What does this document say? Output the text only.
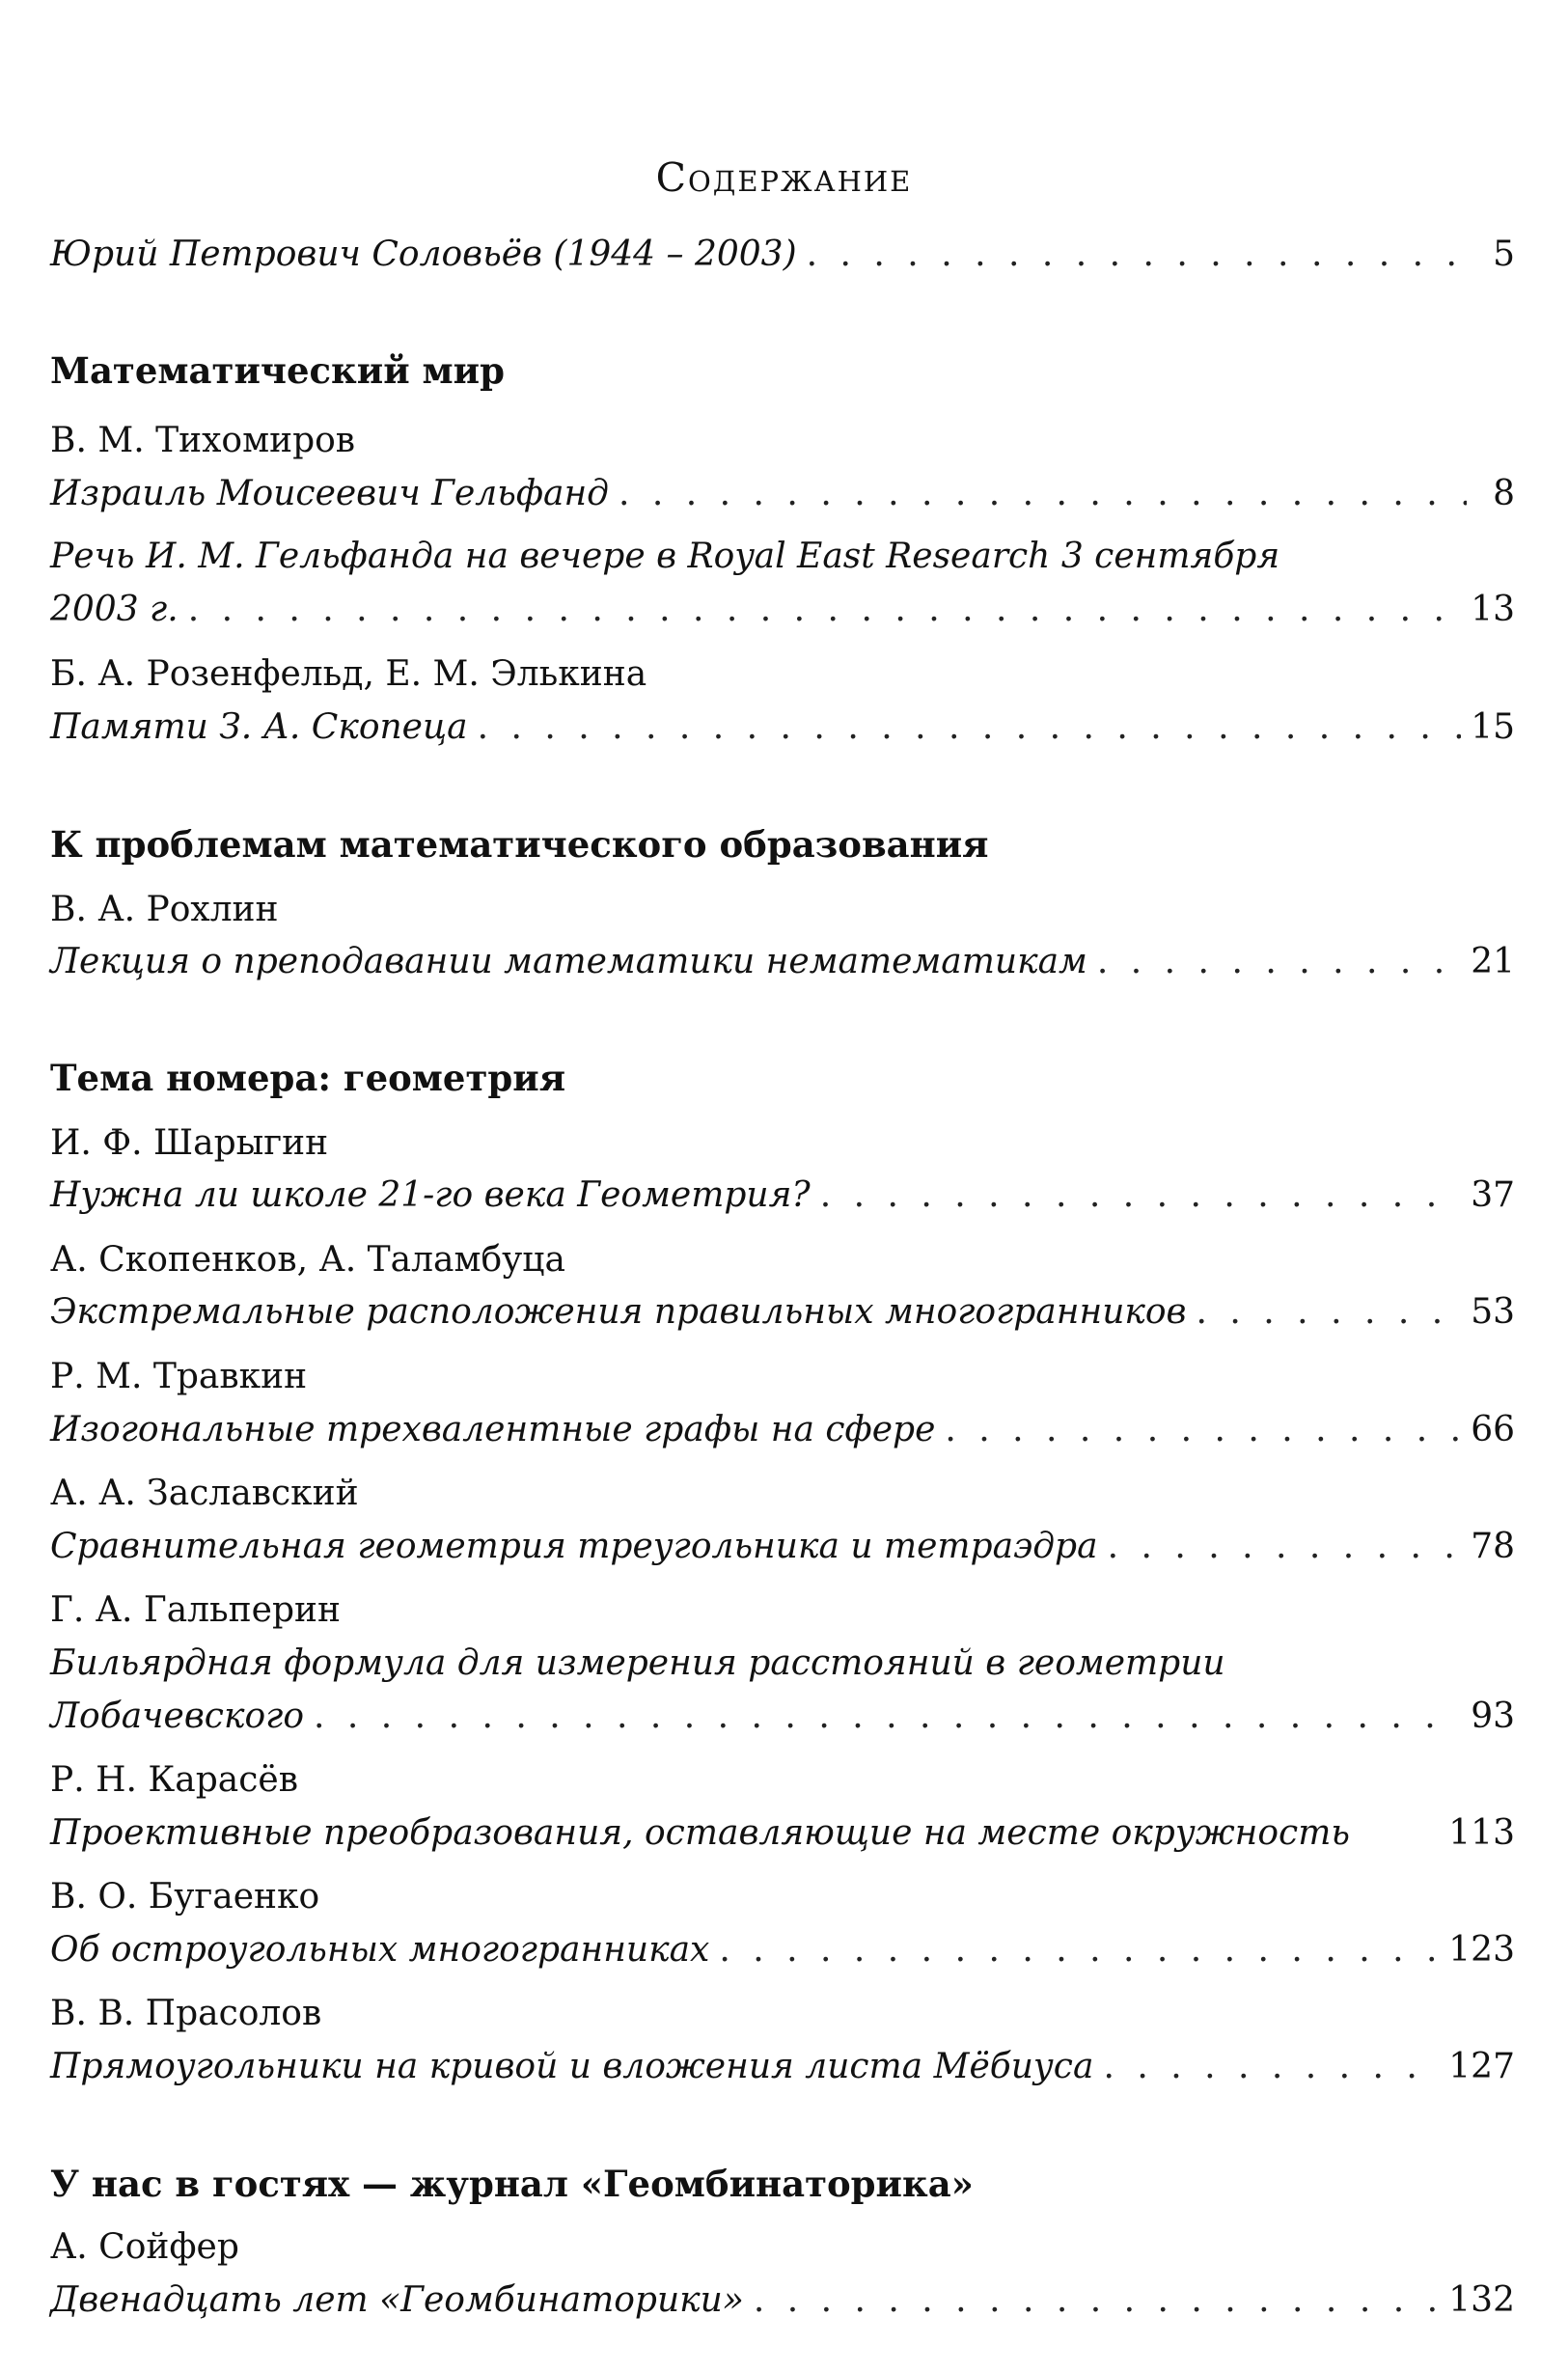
Содержание
Юрий Петрович Соловьёв (1944 – 2003) . . .	5
Математический мир
В. М. Тихомиров
Израиль Моисеевич Гельфанд . . .	8
Речь И. М. Гельфанда на вечере в Royal East Research 3 сентября
2003 г. . . .	13
Б. А. Розенфельд, Е. М. Элькина
Памяти З. А. Скопеца . . .	15
К проблемам математического образования
В. А. Рохлин
Лекция о преподавании математики нематематикам . . .	21
Тема номера: геометрия
И. Ф. Шарыгин
Нужна ли школе 21-го века Геометрия? . . .	37
А. Скопенков, А. Таламбуца
Экстремальные расположения правильных многогранников . . .	53
Р. М. Травкин
Изогональные трехвалентные графы на сфере . . .	66
А. А. Заславский
Сравнительная геометрия треугольника и тетраэдра . . .	78
Г. А. Гальперин
Бильярдная формула для измерения расстояний в геометрии
Лобачевского . . .	93
Р. Н. Карасёв
Проективные преобразования, оставляющие на месте окружность	113
В. О. Бугаенко
Об остроугольных многогранниках . . .	123
В. В. Прасолов
Прямоугольники на кривой и вложения листа Мёбиуса . . .	127
У нас в гостях — журнал «Геомбинаторика»
А. Сойфер
Двенадцать лет «Геомбинаторики» . . .	132
